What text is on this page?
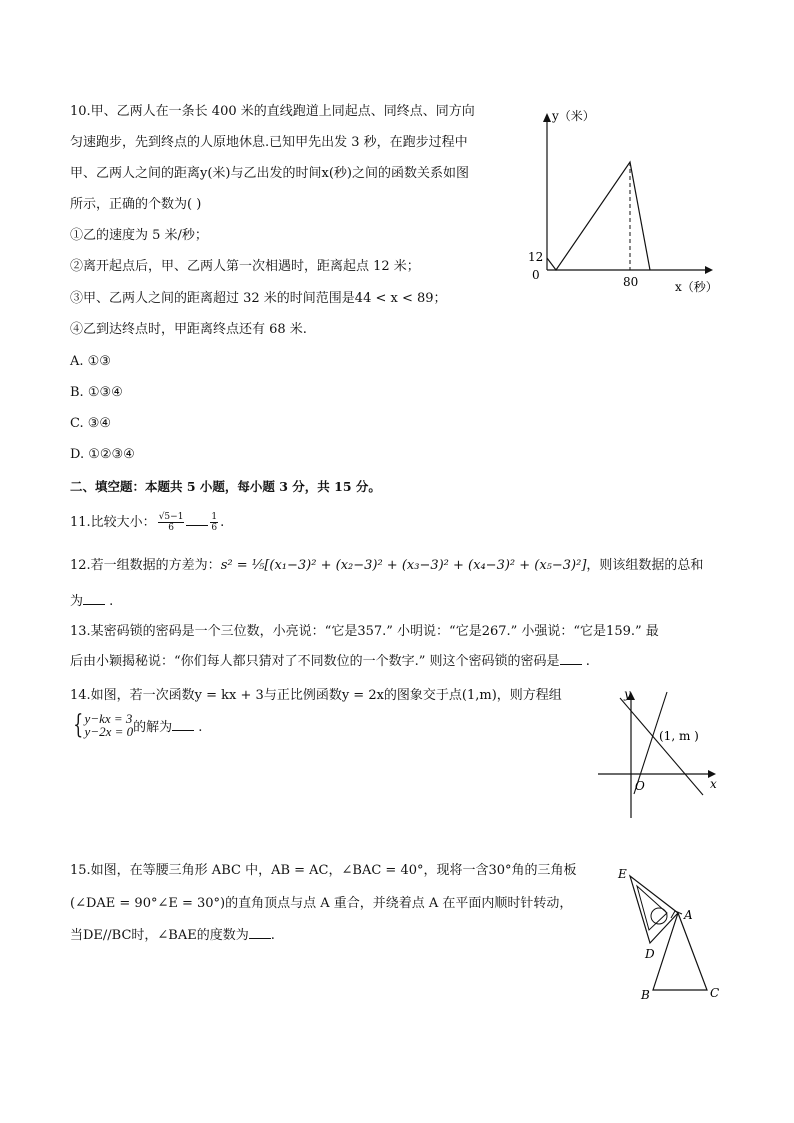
10.甲、乙两人在一条长 400 米的直线跑道上同起点、同终点、同方向
匀速跑步，先到终点的人原地休息.已知甲先出发 3 秒，在跑步过程中
甲、乙两人之间的距离y(米)与乙出发的时间x(秒)之间的函数关系如图
所示，正确的个数为( )
①乙的速度为 5 米/秒；
②离开起点后，甲、乙两人第一次相遇时，距离起点 12 米；
③甲、乙两人之间的距离超过 32 米的时间范围是44 < x < 89；
④乙到达终点时，甲距离终点还有 68 米.
A. ①③
B. ①③④
C. ③④
D. ①②③④
y（米）
x（秒）
0
12
80
二、填空题：本题共 5 小题，每小题 3 分，共 15 分。
11.比较大小： $\frac{√5-1}{6}$	$\frac{1}{6}$ .
12.若一组数据的方差为：s² = ⅕[(x₁−3)² + (x₂−3)² + (x₃−3)² + (x₄−3)² + (x₅−3)²]，则该组数据的总和
为 .
13.某密码锁的密码是一个三位数，小亮说：“它是357.” 小明说：“它是267.” 小强说：“它是159.” 最
后由小颖揭秘说：“你们每人都只猜对了不同数位的一个数字.” 则这个密码锁的密码是 .
14.如图，若一次函数y = kx + 3与正比例函数y = 2x的图象交于点(1,m)，则方程组
{ y−kx = 3
y−2x = 0 的解为 .
y
x
O
(1, m )
15.如图，在等腰三角形 ABC 中，AB = AC，∠BAC = 40°，现将一含30°角的三角板
(∠DAE = 90°∠E = 30°)的直角顶点与点 A 重合，并绕着点 A 在平面内顺时针转动，
当DE//BC时，∠BAE的度数为 .
E
A
D
B	C
